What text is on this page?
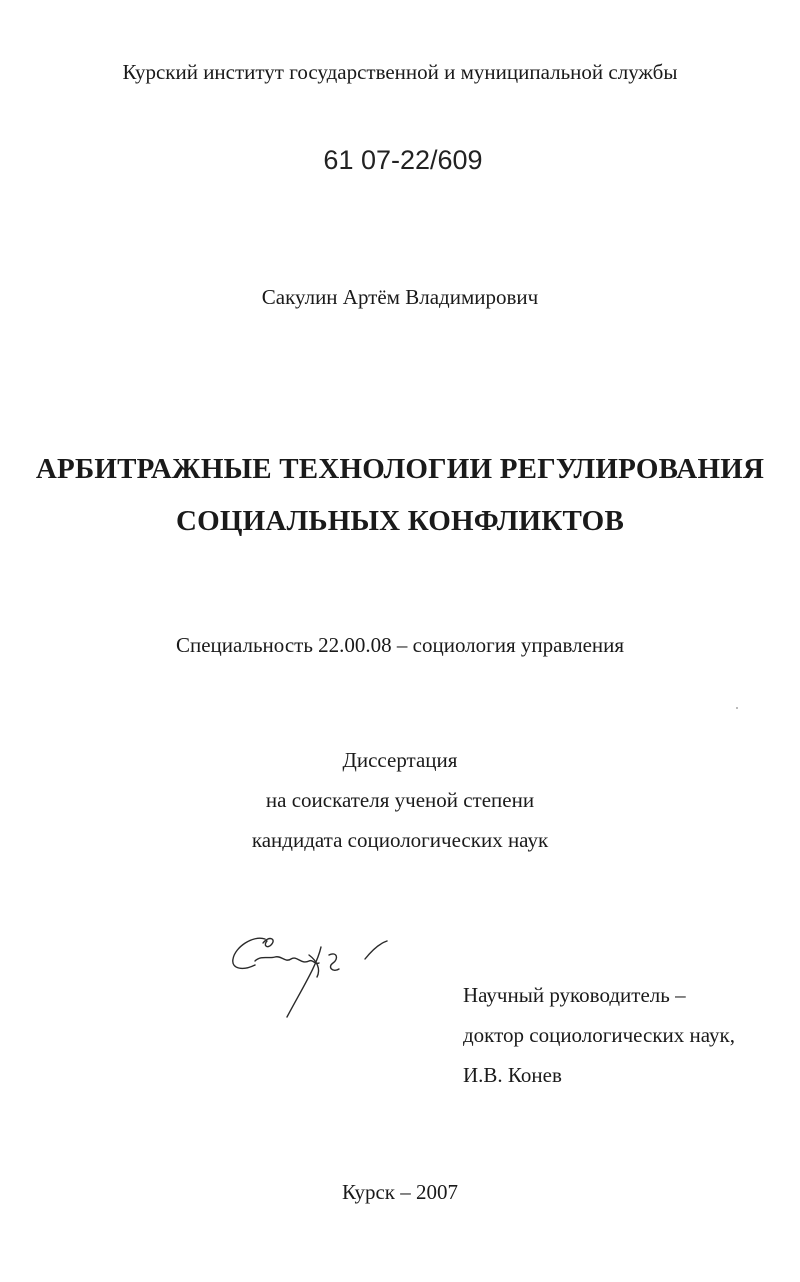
Курский институт государственной и муниципальной службы
61 07-22/609
Сакулин Артём Владимирович
АРБИТРАЖНЫЕ ТЕХНОЛОГИИ РЕГУЛИРОВАНИЯ
СОЦИАЛЬНЫХ КОНФЛИКТОВ
Специальность 22.00.08 – социология управления
Диссертация
на соискателя ученой степени
кандидата социологических наук
Научный руководитель –
доктор социологических наук,
И.В. Конев
Курск – 2007
